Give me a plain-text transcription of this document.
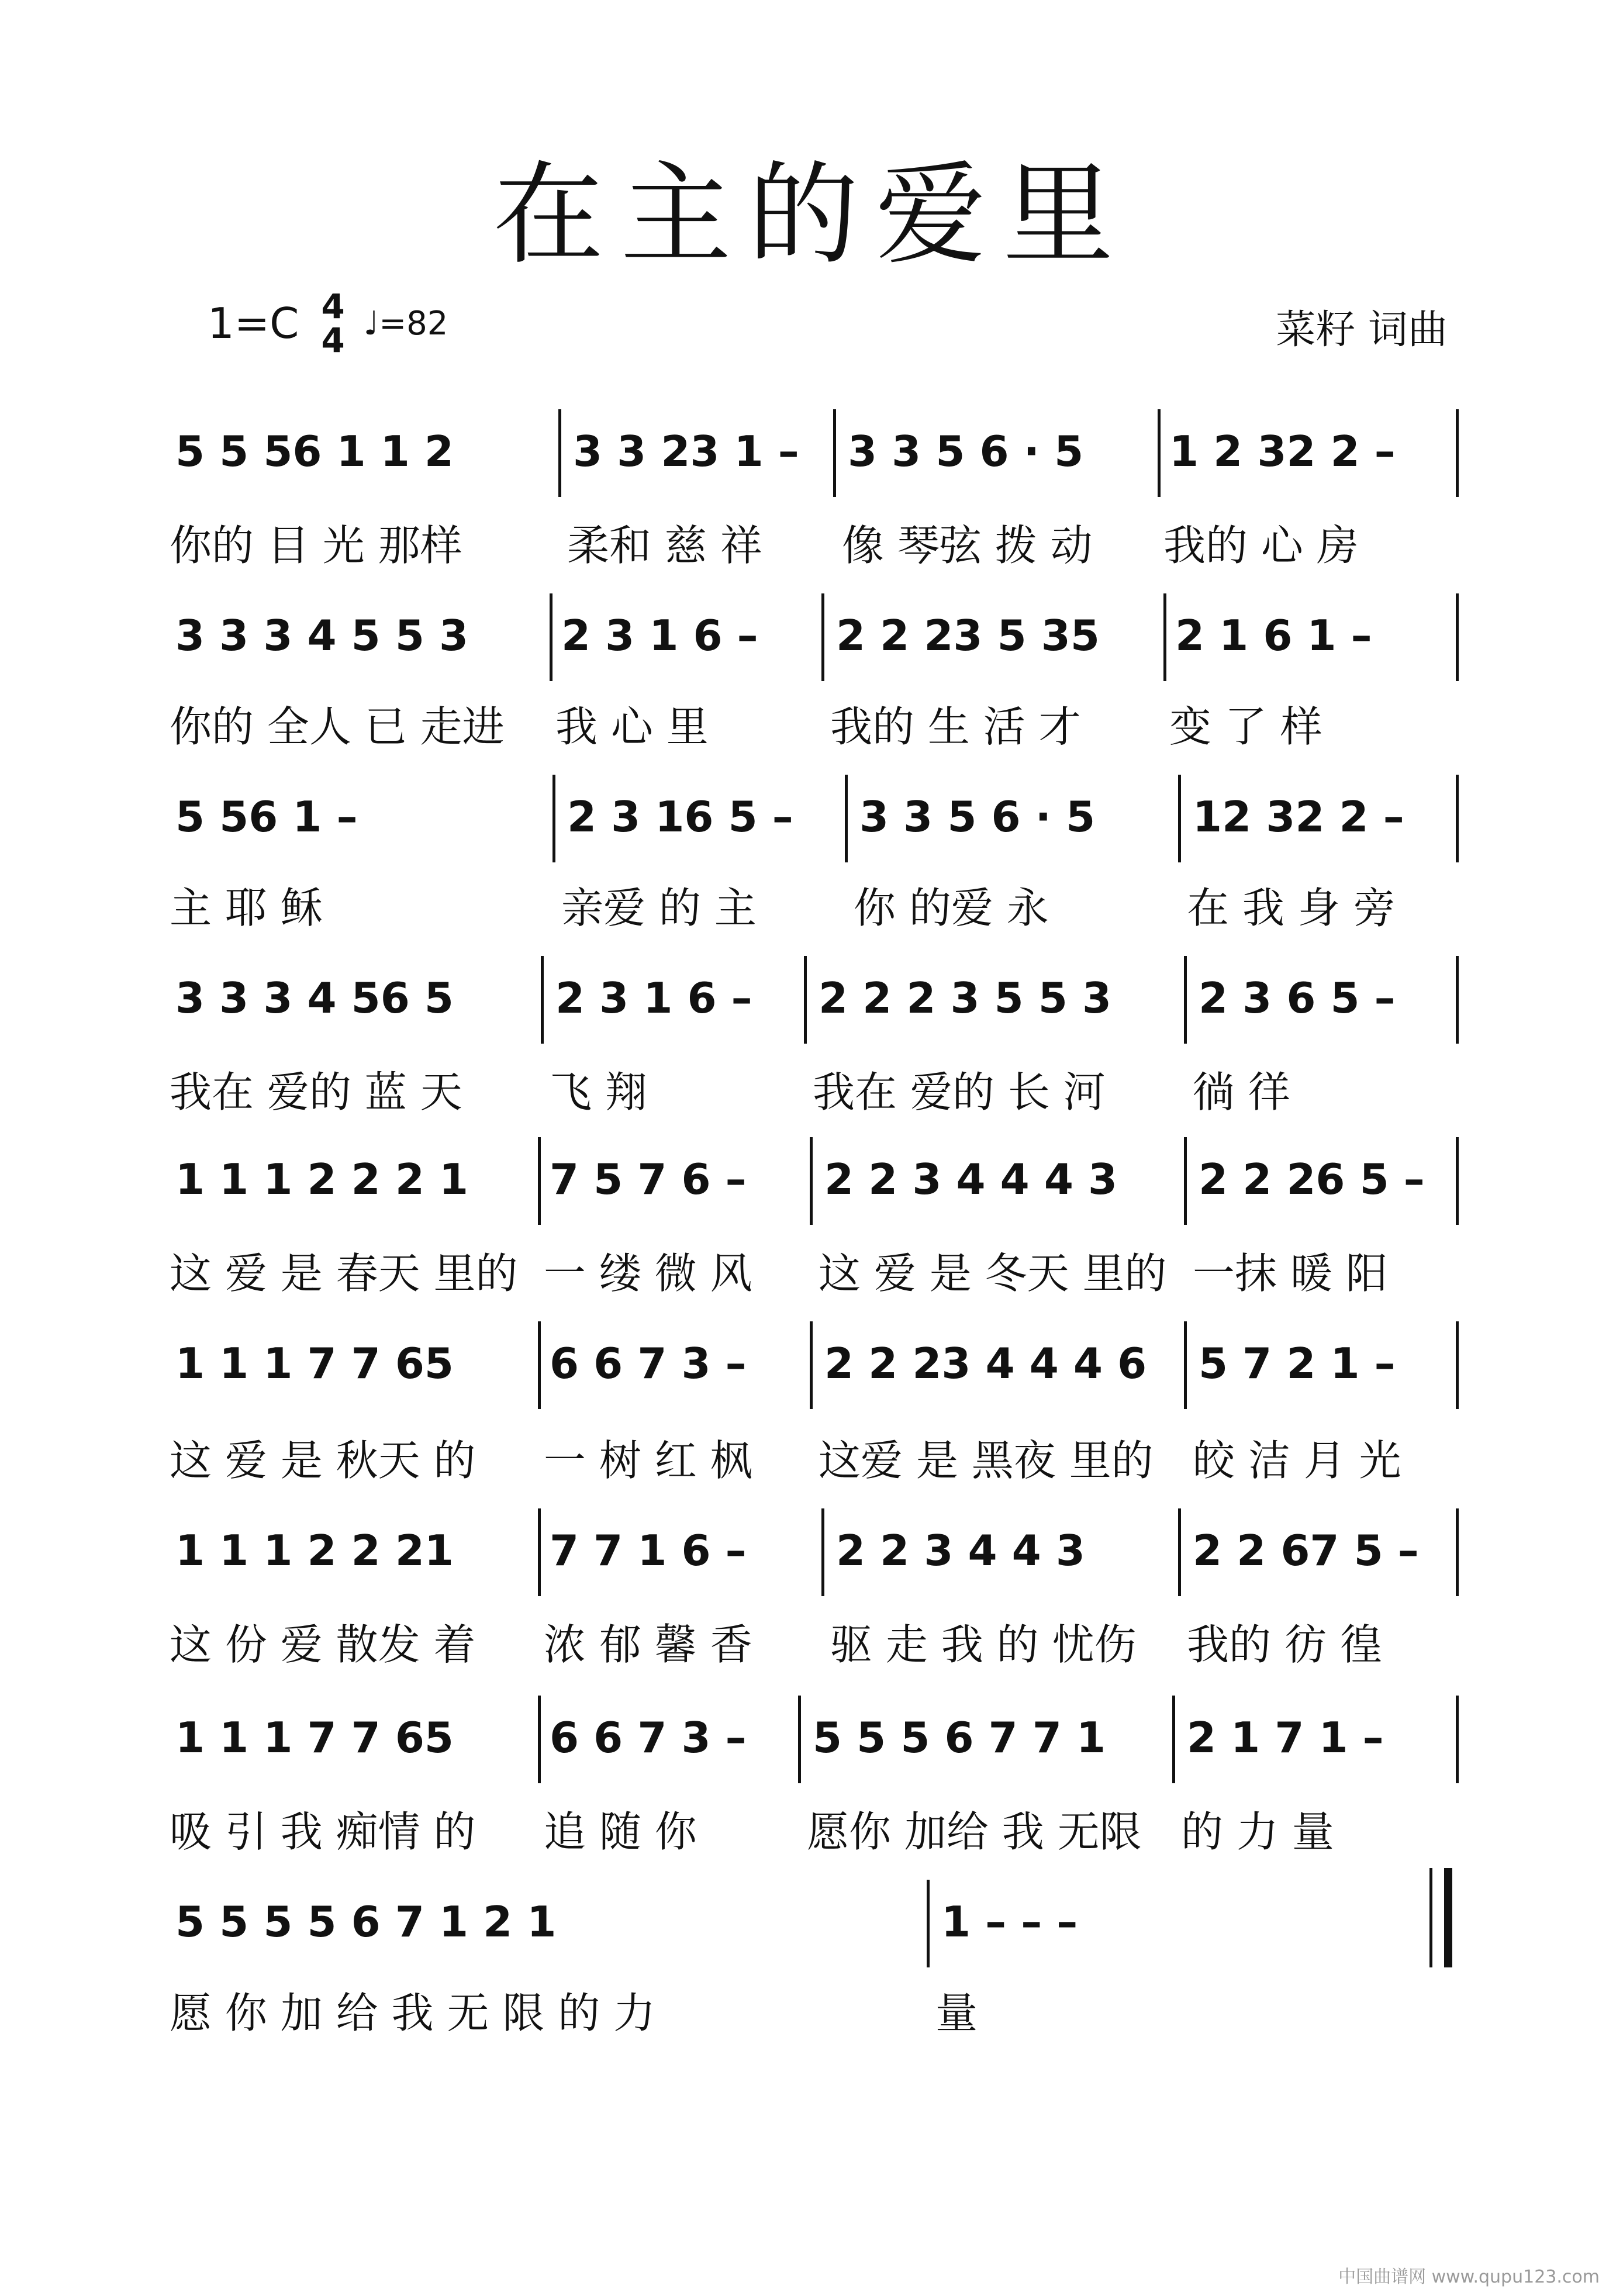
在主的爱里
1=C 4
4 ♩=82	菜籽 词曲
5 5 56 1 1 2	3 3 23 1 – 3 3 5 6 · 5 1 2 32 2 –
你的 目 光 那样 柔和 慈 祥 像 琴弦 拨 动 我的 心 房
3 3 3 4 5 5 3 2 3 1 6 – 2 2 23 5 35 2 1 6 1 –
你的 全人 已 走进 我 心 里	我的 生 活 才 变 了 样
5 56 1 –	2 3 16 5 – 3 3 5 6 · 5 12 32 2 –
主 耶 稣	亲爱 的 主 你 的爱 永	在 我 身 旁
3 3 3 4 56 5 2 3 1 6 – 2 2 2 3 5 5 3 2 3 6 5 –
我在 爱的 蓝 天 飞 翔	我在 爱的 长 河 徜 徉
1 1 1 2 2 2 1 7 5 7 6 – 2 2 3 4 4 4 3 2 2 26 5 –
这 爱 是 春天 里的 一 缕 微 风 这 爱 是 冬天 里的 一抹 暖 阳
1 1 1 7 7 65 6 6 7 3 – 2 2 23 4 4 4 6 5 7 2 1 –
这 爱 是 秋天 的 一 树 红 枫 这爱 是 黑夜 里的 皎 洁 月 光
1 1 1 2 2 21 7 7 1 6 – 2 2 3 4 4 3	2 2 67 5 –
这 份 爱 散发 着 浓 郁 馨 香 驱 走 我 的 忧伤 我的 彷 徨
1 1 1 7 7 65 6 6 7 3 – 5 5 5 6 7 7 1 2 1 7 1 –
吸 引 我 痴情 的 追 随 你	愿你 加给 我 无限 的 力 量
5 5 5 5 6 7 1 2 1	1 – – –
愿 你 加 给 我 无 限 的 力	量
中国曲谱网 www.qupu123.com
